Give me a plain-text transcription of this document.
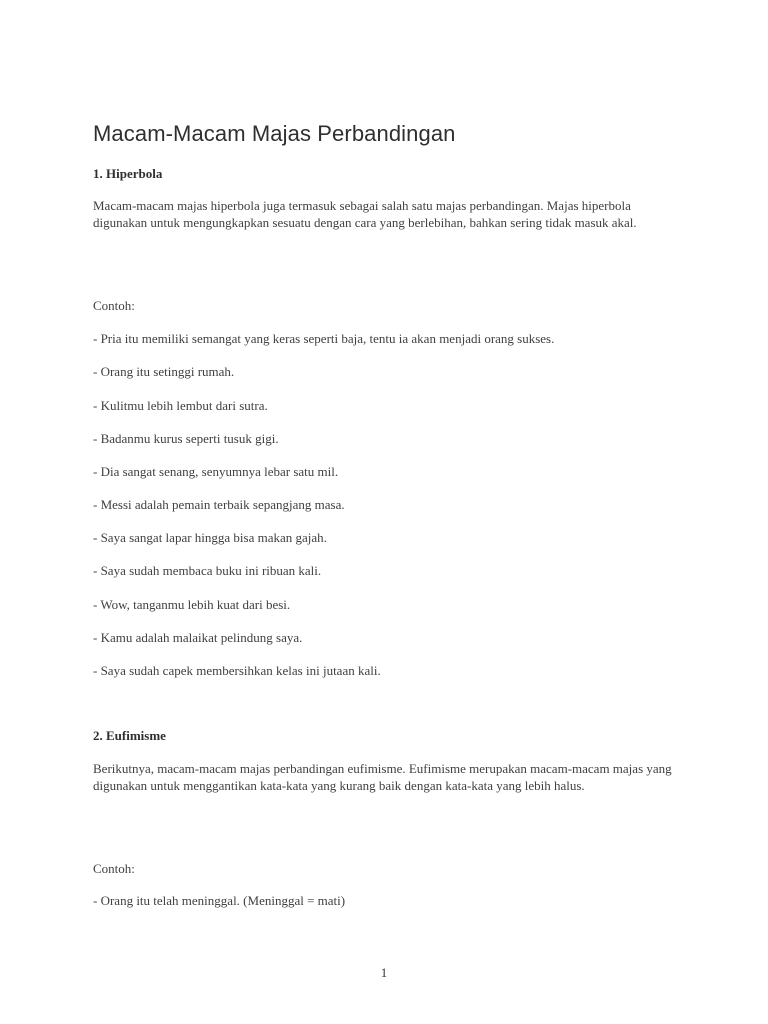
Macam-Macam Majas Perbandingan
1. Hiperbola

Macam-macam majas hiperbola juga termasuk sebagai salah satu majas perbandingan. Majas hiperbola digunakan untuk mengungkapkan sesuatu dengan cara yang berlebihan, bahkan sering tidak masuk akal.

Contoh:

- Pria itu memiliki semangat yang keras seperti baja, tentu ia akan menjadi orang sukses.

- Orang itu setinggi rumah.

- Kulitmu lebih lembut dari sutra.

- Badanmu kurus seperti tusuk gigi.

- Dia sangat senang, senyumnya lebar satu mil.

- Messi adalah pemain terbaik sepangjang masa.

- Saya sangat lapar hingga bisa makan gajah.

- Saya sudah membaca buku ini ribuan kali.

- Wow, tanganmu lebih kuat dari besi.

- Kamu adalah malaikat pelindung saya.

- Saya sudah capek membersihkan kelas ini jutaan kali.

2. Eufimisme

Berikutnya, macam-macam majas perbandingan eufimisme. Eufimisme merupakan macam-macam majas yang digunakan untuk menggantikan kata-kata yang kurang baik dengan kata-kata yang lebih halus.

Contoh:

- Orang itu telah meninggal. (Meninggal = mati)

1
